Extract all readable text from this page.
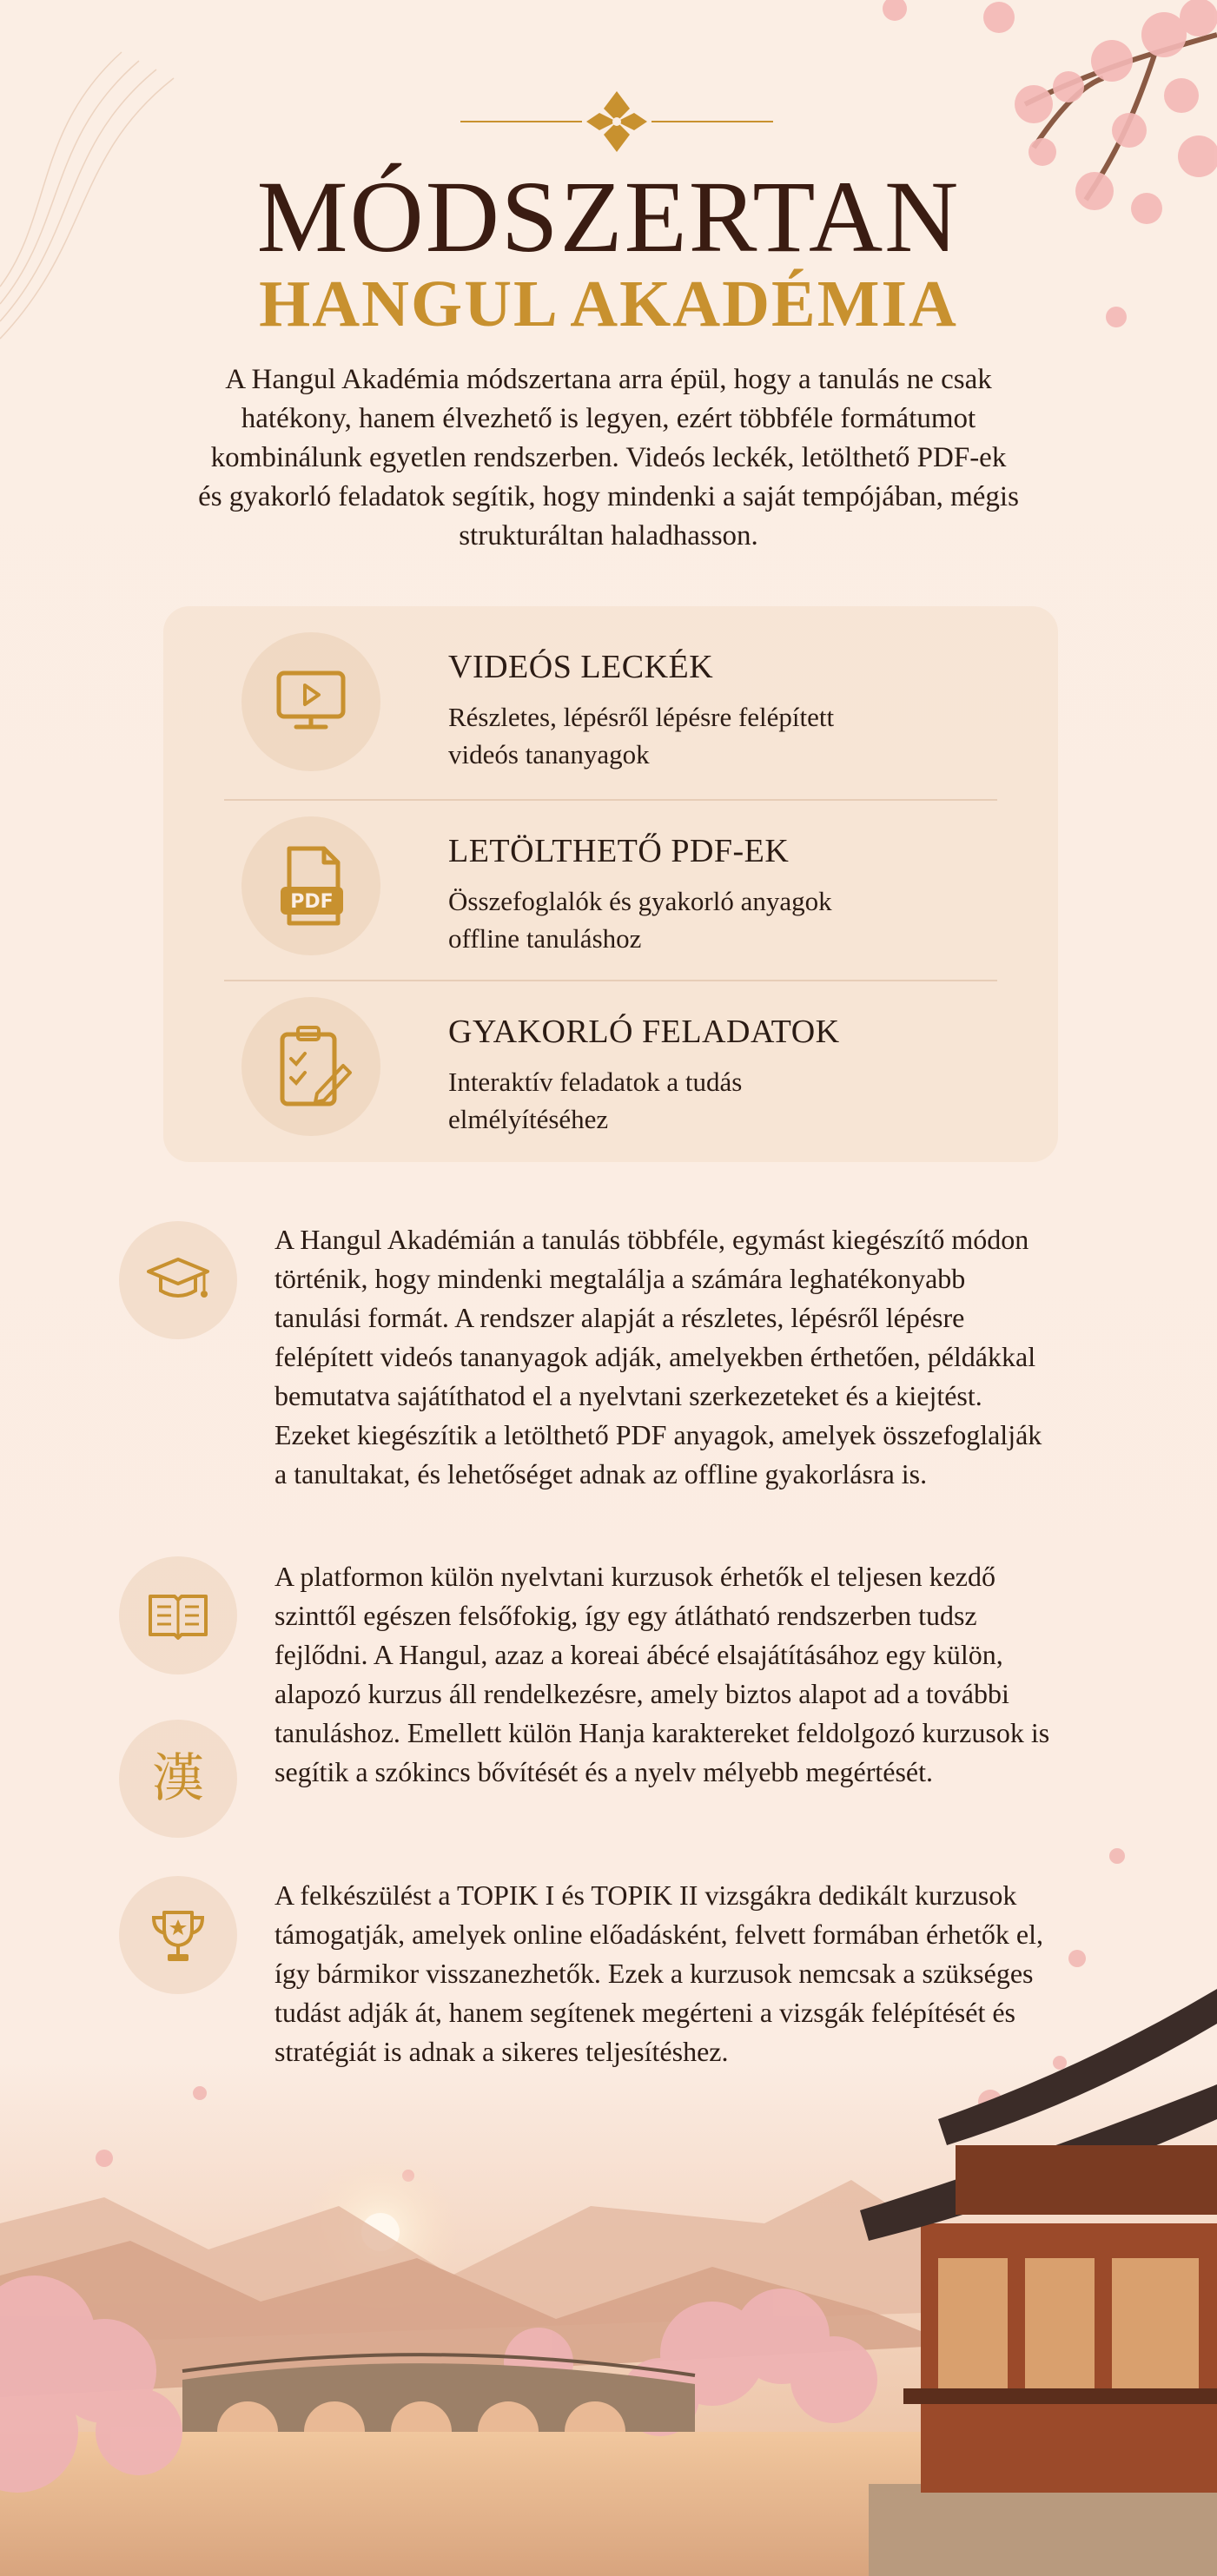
MÓDSZERTAN
HANGUL AKADÉMIA

A Hangul Akadémia módszertana arra épül, hogy a tanulás ne csak hatékony, hanem élvezhető is legyen, ezért többféle formátumot kombinálunk egyetlen rendszerben. Videós leckék, letölthető PDF-ek és gyakorló feladatok segítik, hogy mindenki a saját tempójában, mégis strukturáltan haladhasson.

VIDEÓS LECKÉK
Részletes, lépésről lépésre felépített videós tananyagok
PDF
LETÖLTHETŐ PDF-EK
Összefoglalók és gyakorló anyagok offline tanuláshoz
GYAKORLÓ FELADATOK
Interaktív feladatok a tudás elmélyítéséhez

A Hangul Akadémián a tanulás többféle, egymást kiegészítő módon történik, hogy mindenki megtalálja a számára leghatékonyabb tanulási formát. A rendszer alapját a részletes, lépésről lépésre felépített videós tananyagok adják, amelyekben érthetően, példákkal bemutatva sajátíthatod el a nyelvtani szerkezeteket és a kiejtést. Ezeket kiegészítik a letölthető PDF anyagok, amelyek összefoglalják a tanultakat, és lehetőséget adnak az offline gyakorlásra is.

漢

A platformon külön nyelvtani kurzusok érhetők el teljesen kezdő szinttől egészen felsőfokig, így egy átlátható rendszerben tudsz fejlődni. A Hangul, azaz a koreai ábécé elsajátításához egy külön, alapozó kurzus áll rendelkezésre, amely biztos alapot ad a további tanuláshoz. Emellett külön Hanja karaktereket feldolgozó kurzusok is segítik a szókincs bővítését és a nyelv mélyebb megértését.

A felkészülést a TOPIK I és TOPIK II vizsgákra dedikált kurzusok támogatják, amelyek online előadásként, felvett formában érhetők el, így bármikor visszanezhetők. Ezek a kurzusok nemcsak a szükséges tudást adják át, hanem segítenek megérteni a vizsgák felépítését és stratégiát is adnak a sikeres teljesítéshez.
